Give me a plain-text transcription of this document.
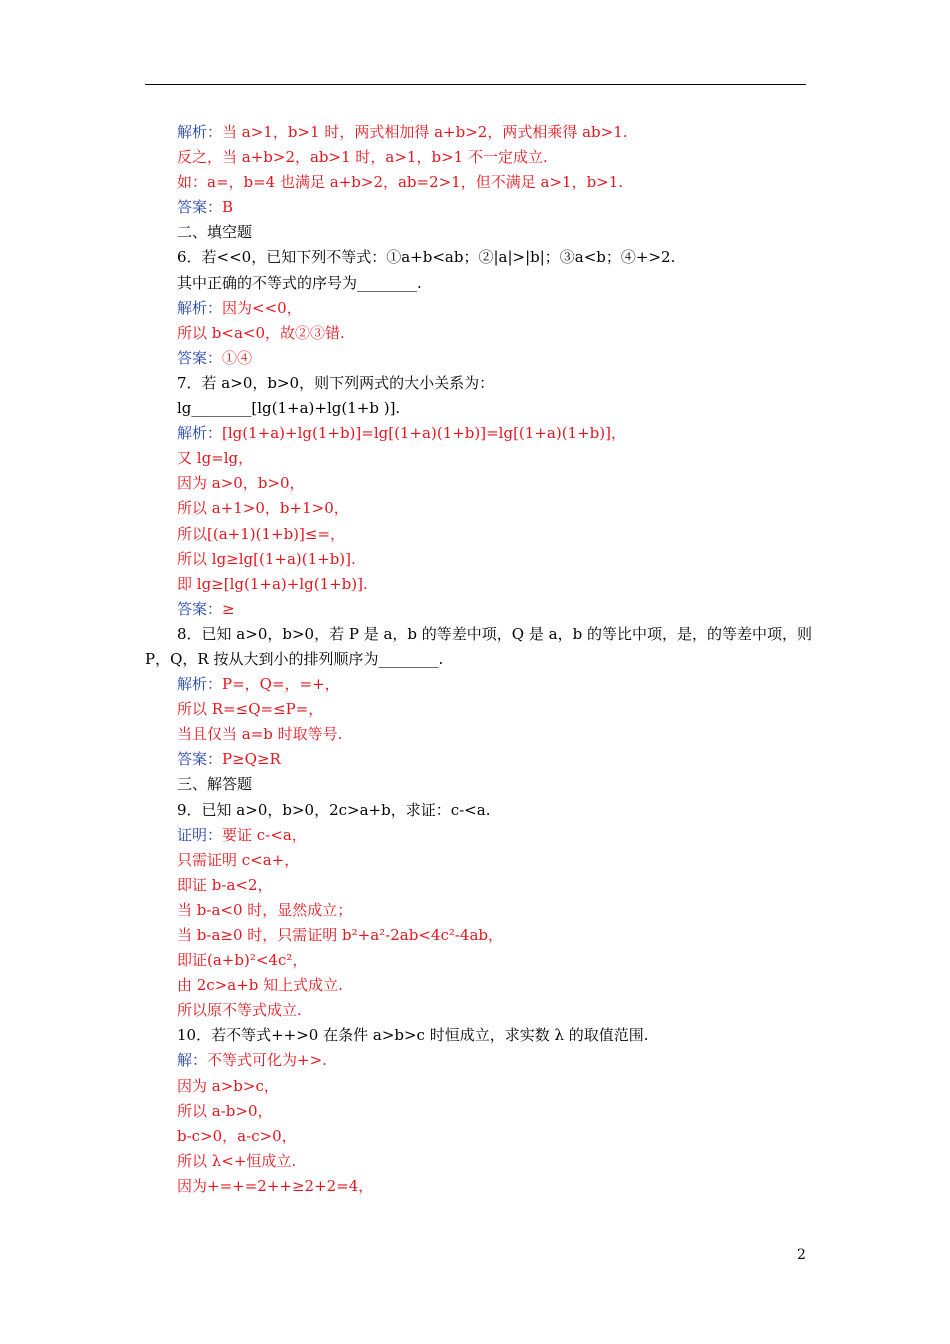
解析：当 a>1，b>1 时，两式相加得 a+b>2，两式相乘得 ab>1.
反之，当 a+b>2，ab>1 时，a>1，b>1 不一定成立.
如：a=，b=4 也满足 a+b>2，ab=2>1，但不满足 a>1，b>1.
答案：B
二、填空题
6．若<<0，已知下列不等式：①a+b<ab；②|a|>|b|；③a<b；④+>2.
其中正确的不等式的序号为________.
解析：因为<<0，
所以 b<a<0，故②③错.
答案：①④
7．若 a>0，b>0，则下列两式的大小关系为：
lg________[lg(1+a)+lg(1+b )].
解析：[lg(1+a)+lg(1+b)]=lg[(1+a)(1+b)]=lg[(1+a)(1+b)]，
又 lg=lg，
因为 a>0，b>0，
所以 a+1>0，b+1>0，
所以[(a+1)(1+b)]≤=，
所以 lg≥lg[(1+a)(1+b)].
即 lg≥[lg(1+a)+lg(1+b)].
答案：≥
8．已知 a>0，b>0，若 P 是 a，b 的等差中项，Q 是 a，b 的等比中项，是，的等差中项，则
P，Q，R 按从大到小的排列顺序为________.
解析：P=，Q=，=+，
所以 R=≤Q=≤P=，
当且仅当 a=b 时取等号.
答案：P≥Q≥R
三、解答题
9．已知 a>0，b>0，2c>a+b，求证：c-<a.
证明：要证 c-<a，
只需证明 c<a+，
即证 b-a<2，
当 b-a<0 时，显然成立；
当 b-a≥0 时，只需证明 b²+a²-2ab<4c²-4ab，
即证(a+b)²<4c²，
由 2c>a+b 知上式成立.
所以原不等式成立.
10．若不等式++>0 在条件 a>b>c 时恒成立，求实数 λ 的取值范围.
解：不等式可化为+>.
因为 a>b>c，
所以 a-b>0，
b-c>0，a-c>0，
所以 λ<+恒成立.
因为+=+=2++≥2+2=4，
2
